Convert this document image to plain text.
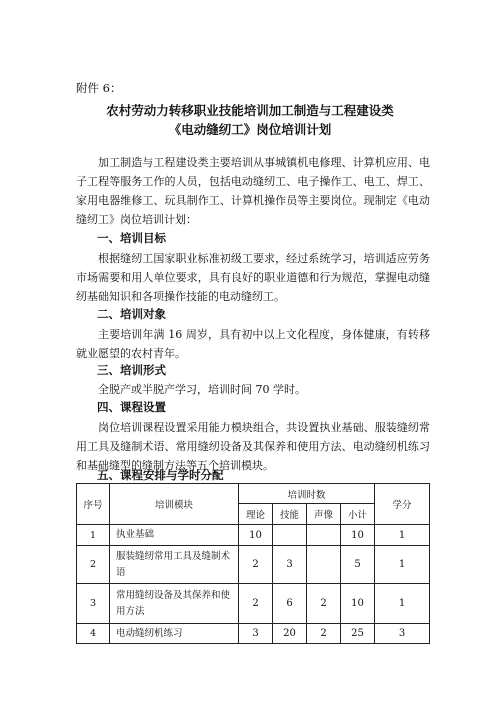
附件 6：
农村劳动力转移职业技能培训加工制造与工程建设类
《电动缝纫工》岗位培训计划
加工制造与工程建设类主要培训从事城镇机电修理、计算机应用、电子工程等服务工作的人员，包括电动缝纫工、电子操作工、电工、焊工、家用电器维修工、玩具制作工、计算机操作员等主要岗位。现制定《电动缝纫工》岗位培训计划：
一、培训目标
根据缝纫工国家职业标准初级工要求，经过系统学习，培训适应劳务市场需要和用人单位要求，具有良好的职业道德和行为规范，掌握电动缝纫基础知识和各项操作技能的电动缝纫工。
二、培训对象
主要培训年满 16 周岁，具有初中以上文化程度，身体健康，有转移就业愿望的农村青年。
三、培训形式
全脱产或半脱产学习，培训时间 70 学时。
四、课程设置
岗位培训课程设置采用能力模块组合，共设置执业基础、服装缝纫常用工具及缝制术语、常用缝纫设备及其保养和使用方法、电动缝纫机练习和基础缝型的缝制方法等五个培训模块。
五、课程安排与学时分配
序号	培训模块	培训时数				学分
		理论	技能	声像	小计	
1	执业基础	10			10	1
2	服装缝纫常用工具及缝制术语	2	3		5	1
3	常用缝纫设备及其保养和使用方法	2	6	2	10	1
4	电动缝纫机练习	3	20	2	25	3
